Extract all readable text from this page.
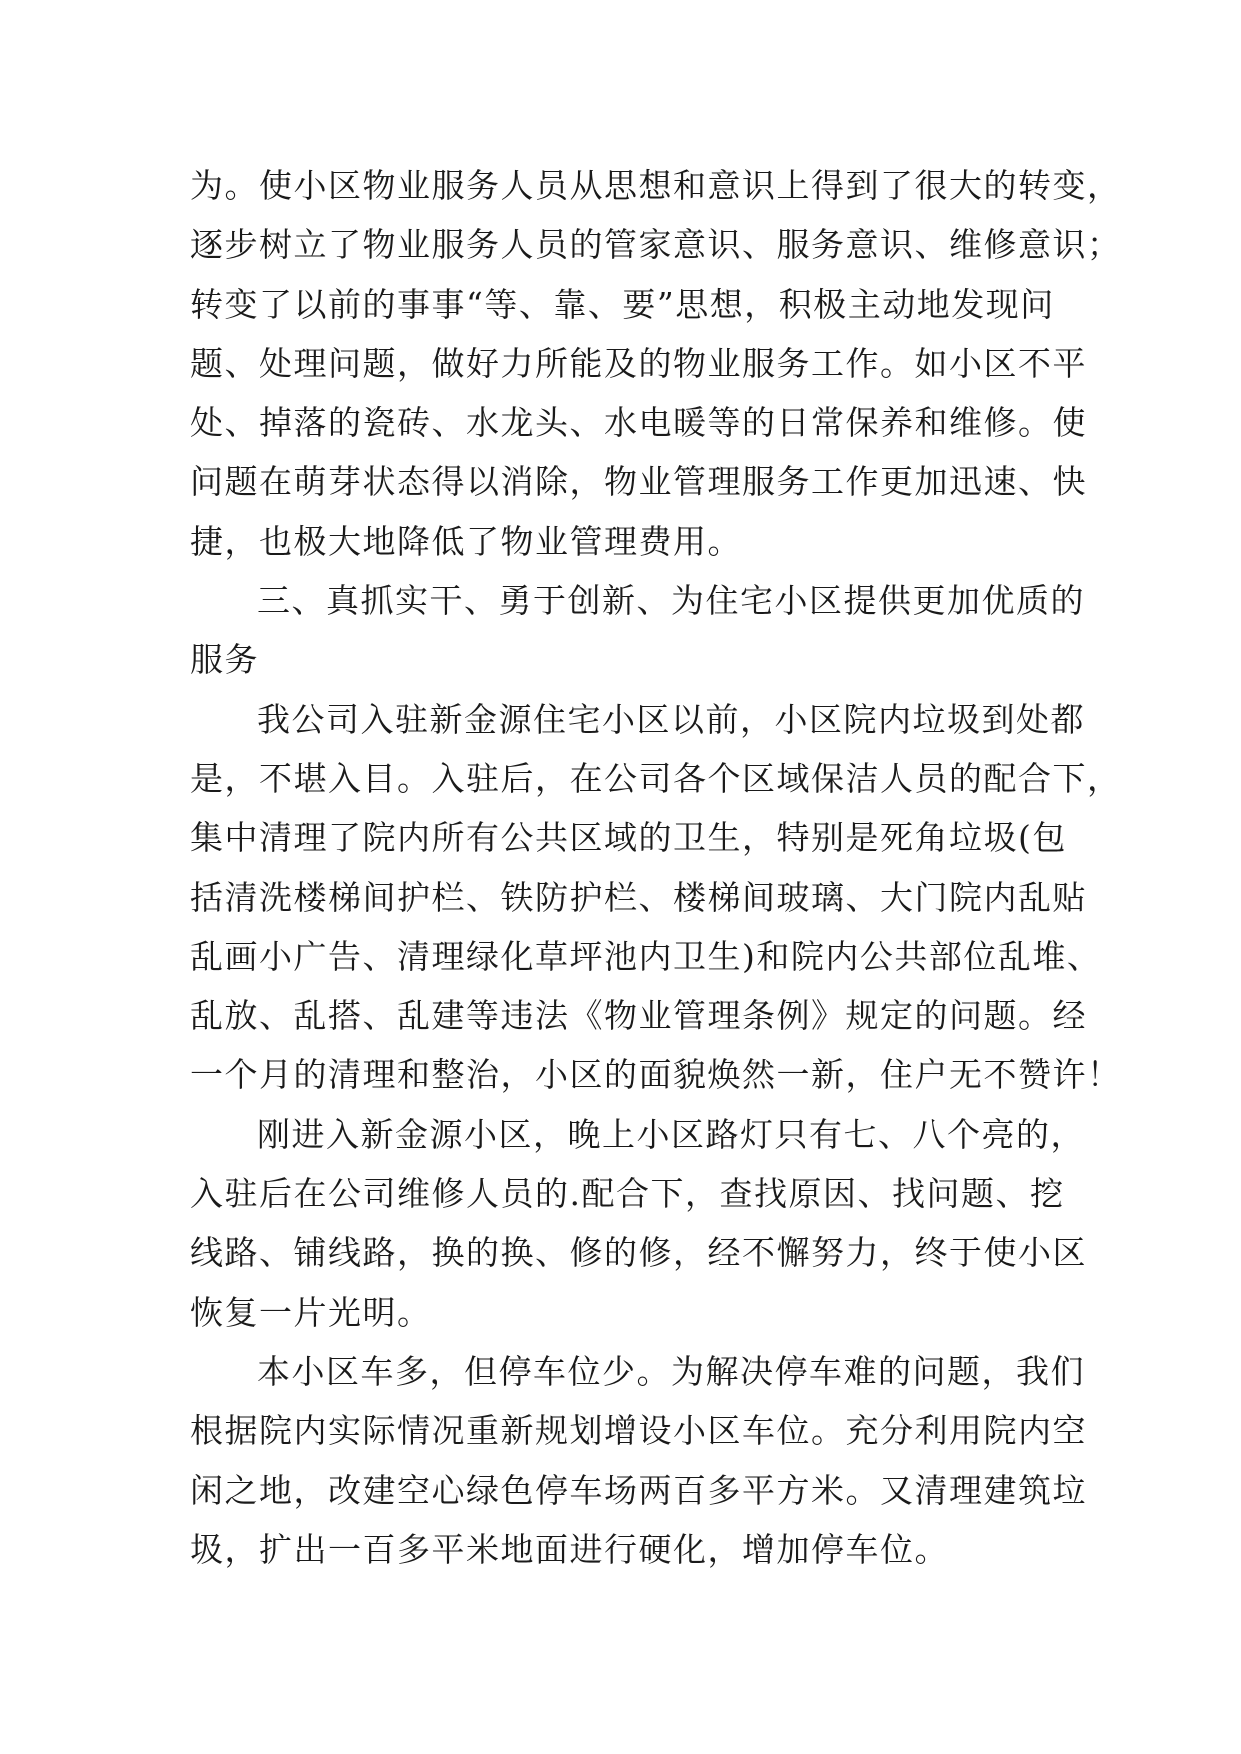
为。使小区物业服务人员从思想和意识上得到了很大的转变，
逐步树立了物业服务人员的管家意识、服务意识、维修意识；
转变了以前的事事“等、靠、要”思想，积极主动地发现问
题、处理问题，做好力所能及的物业服务工作。如小区不平
处、掉落的瓷砖、水龙头、水电暖等的日常保养和维修。使
问题在萌芽状态得以消除，物业管理服务工作更加迅速、快
捷，也极大地降低了物业管理费用。
三、真抓实干、勇于创新、为住宅小区提供更加优质的
服务
我公司入驻新金源住宅小区以前，小区院内垃圾到处都
是，不堪入目。入驻后，在公司各个区域保洁人员的配合下，
集中清理了院内所有公共区域的卫生，特别是死角垃圾(包
括清洗楼梯间护栏、铁防护栏、楼梯间玻璃、大门院内乱贴
乱画小广告、清理绿化草坪池内卫生)和院内公共部位乱堆、
乱放、乱搭、乱建等违法《物业管理条例》规定的问题。经
一个月的清理和整治，小区的面貌焕然一新，住户无不赞许！
刚进入新金源小区，晚上小区路灯只有七、八个亮的，
入驻后在公司维修人员的.配合下，查找原因、找问题、挖
线路、铺线路，换的换、修的修，经不懈努力，终于使小区
恢复一片光明。
本小区车多，但停车位少。为解决停车难的问题，我们
根据院内实际情况重新规划增设小区车位。充分利用院内空
闲之地，改建空心绿色停车场两百多平方米。又清理建筑垃
圾，扩出一百多平米地面进行硬化，增加停车位。
